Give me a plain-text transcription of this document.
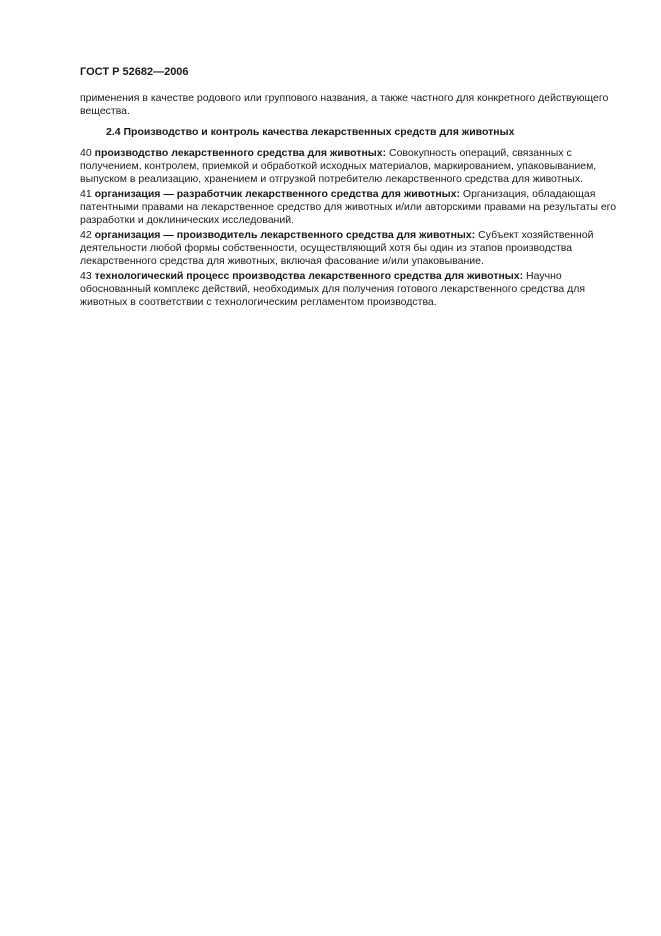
ГОСТ Р 52682—2006

применения в качестве родового или группового названия, а также частного для конкретного действующего вещества.

2.4 Производство и контроль качества лекарственных средств для животных

40 производство лекарственного средства для животных: Совокупность операций, связанных с получением, контролем, приемкой и обработкой исходных материалов, маркированием, упаковыванием, выпуском в реализацию, хранением и отгрузкой потребителю лекарственного средства для животных.

41 организация — разработчик лекарственного средства для животных: Организация, обладающая патентными правами на лекарственное средство для животных и/или авторскими правами на результаты его разработки и доклинических исследований.

42 организация — производитель лекарственного средства для животных: Субъект хозяйственной деятельности любой формы собственности, осуществляющий хотя бы один из этапов производства лекарственного средства для животных, включая фасование и/или упаковывание.

43 технологический процесс производства лекарственного средства для животных: Научно обоснованный комплекс действий, необходимых для получения готового лекарственного средства для животных в соответствии с технологическим регламентом производства.
